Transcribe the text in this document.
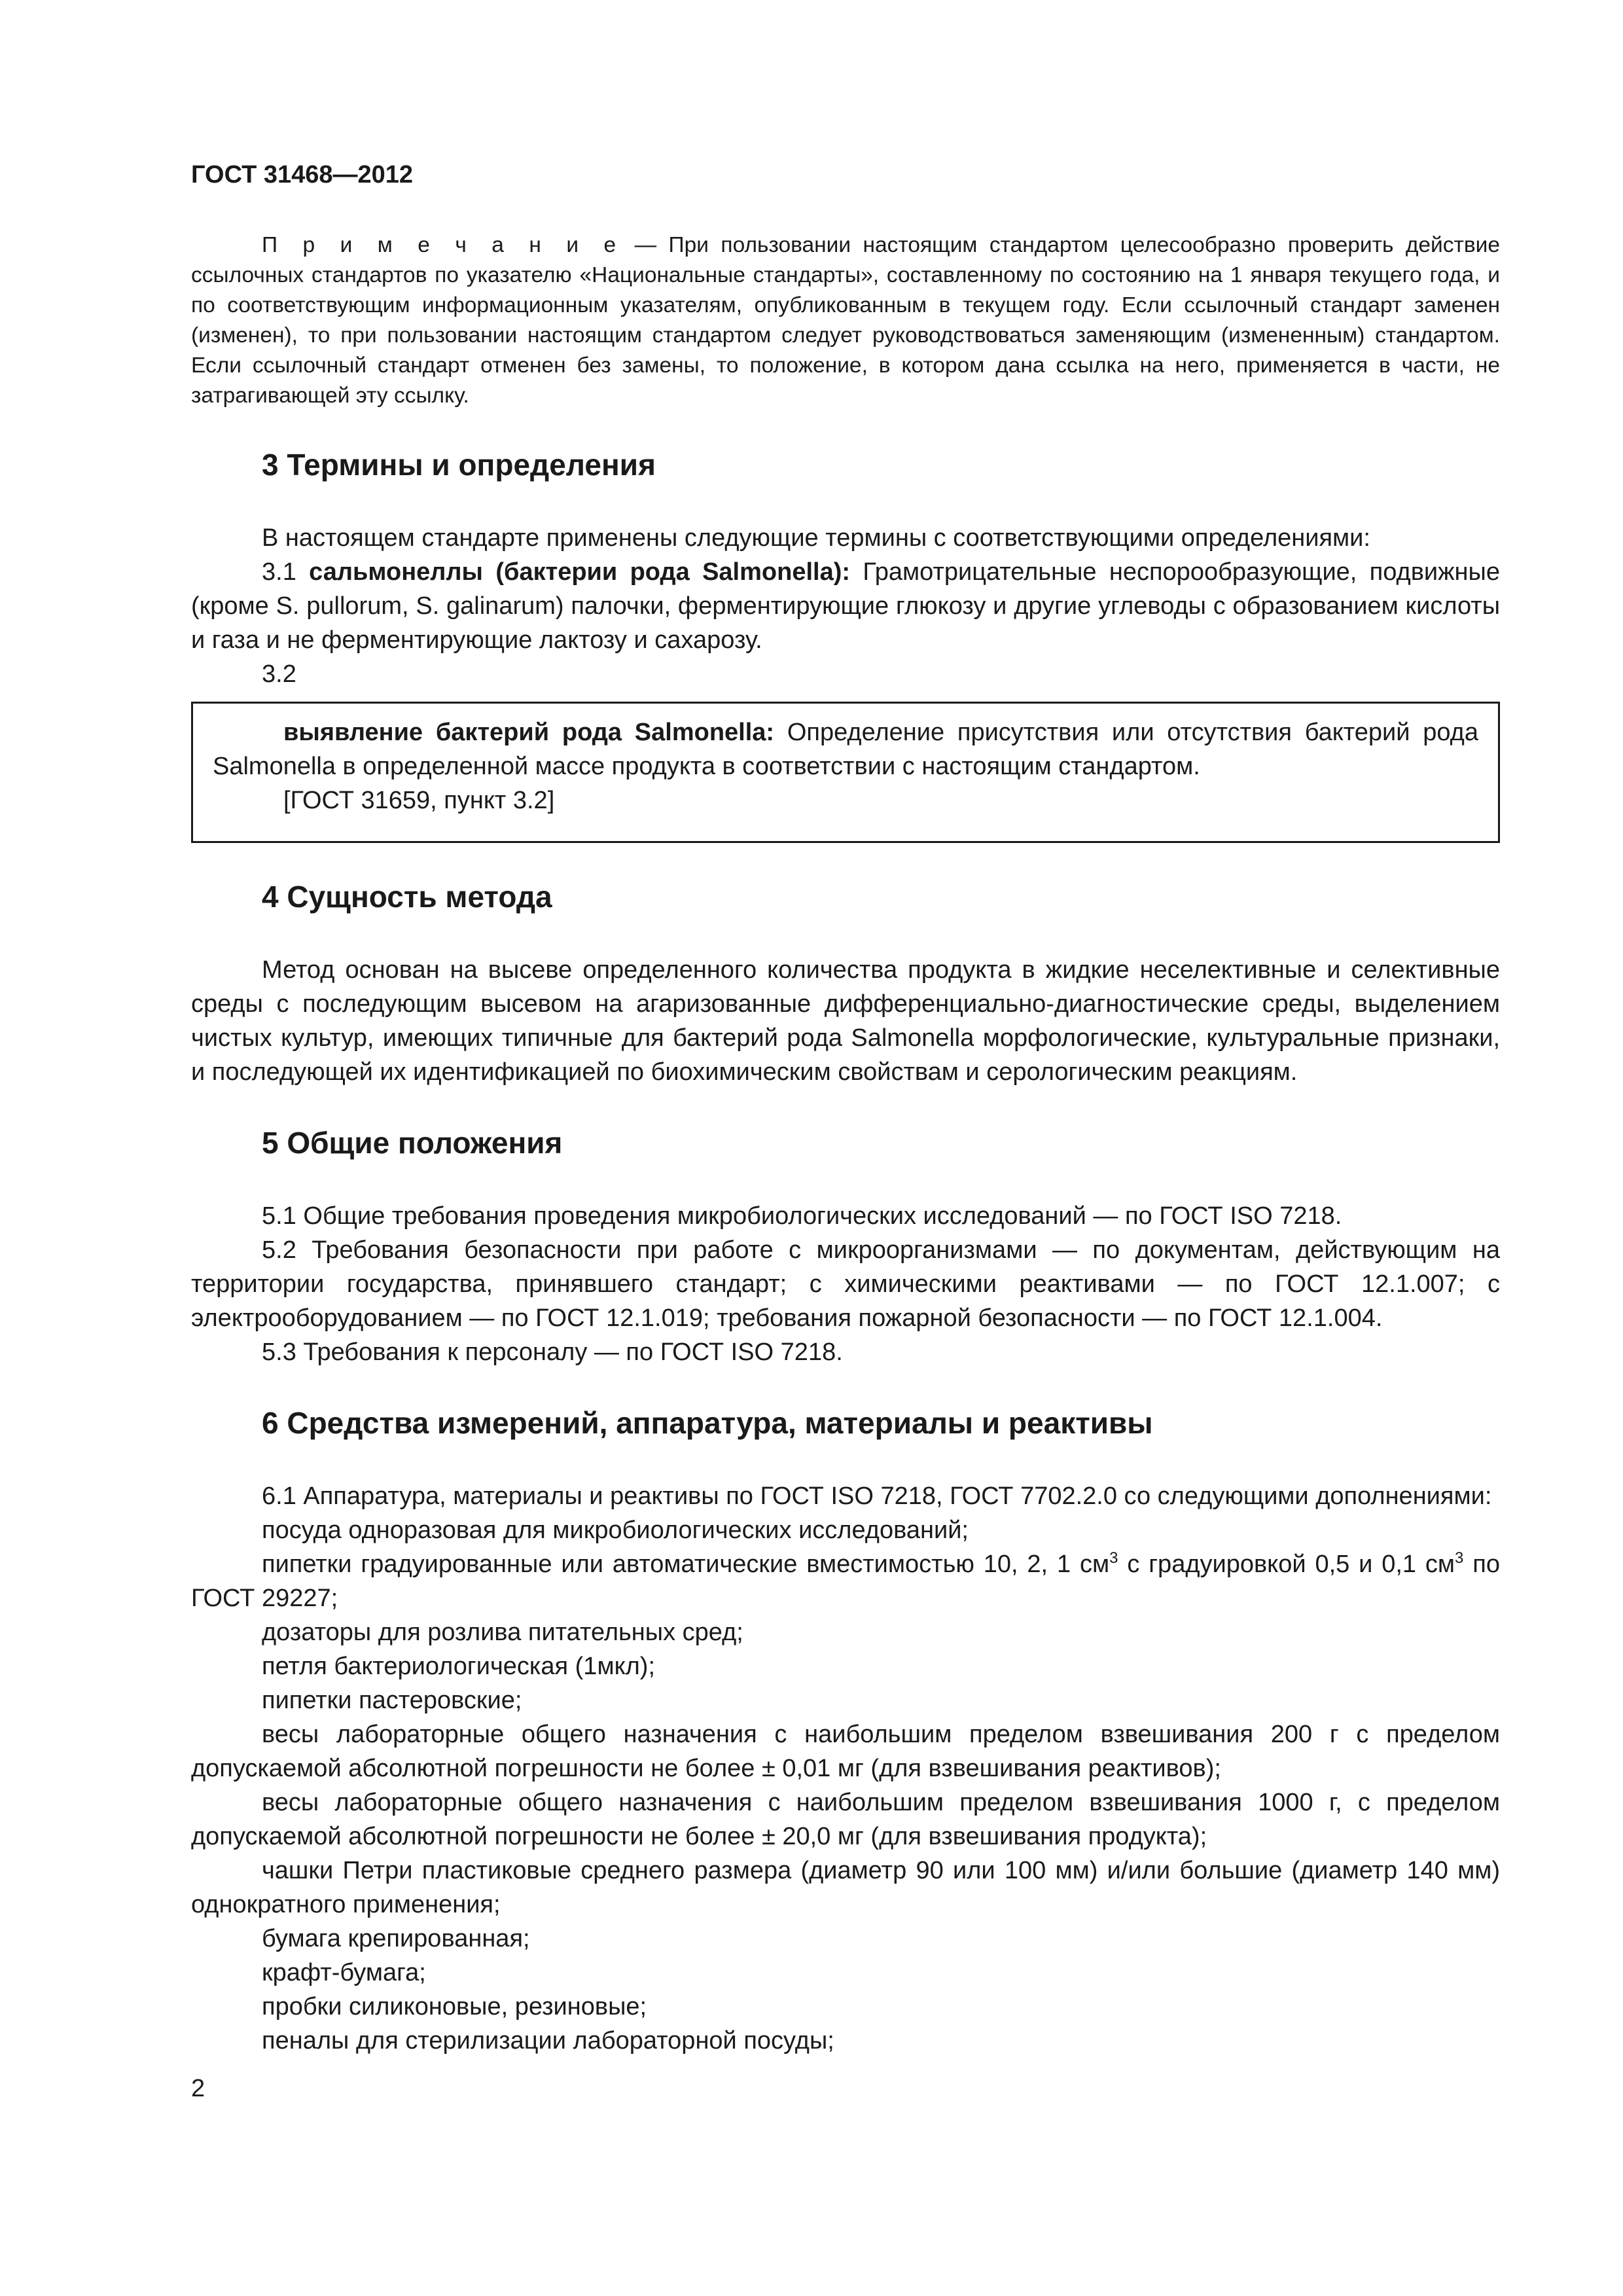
ГОСТ 31468—2012

П р и м е ч а н и е — При пользовании настоящим стандартом целесообразно проверить действие ссылочных стандартов по указателю «Национальные стандарты», составленному по состоянию на 1 января текущего года, и по соответствующим информационным указателям, опубликованным в текущем году. Если ссылочный стандарт заменен (изменен), то при пользовании настоящим стандартом следует руководствоваться заменяющим (измененным) стандартом. Если ссылочный стандарт отменен без замены, то положение, в котором дана ссылка на него, применяется в части, не затрагивающей эту ссылку.

3 Термины и определения

В настоящем стандарте применены следующие термины с соответствующими определениями:

3.1 сальмонеллы (бактерии рода Salmonella): Грамотрицательные неспорообразующие, подвижные (кроме S. pullorum, S. galinarum) палочки, ферментирующие глюкозу и другие углеводы с образованием кислоты и газа и не ферментирующие лактозу и сахарозу.

3.2

выявление бактерий рода Salmonella: Определение присутствия или отсутствия бактерий рода Salmonella в определенной массе продукта в соответствии с настоящим стандартом.

[ГОСТ 31659, пункт 3.2]

4 Сущность метода

Метод основан на высеве определенного количества продукта в жидкие неселективные и селективные среды с последующим высевом на агаризованные дифференциально-диагностические среды, выделением чистых культур, имеющих типичные для бактерий рода Salmonella морфологические, культуральные признаки, и последующей их идентификацией по биохимическим свойствам и серологическим реакциям.

5 Общие положения

5.1 Общие требования проведения микробиологических исследований — по ГОСТ ISO 7218.

5.2 Требования безопасности при работе с микроорганизмами — по документам, действующим на территории государства, принявшего стандарт; с химическими реактивами — по ГОСТ 12.1.007; с электрооборудованием — по ГОСТ 12.1.019; требования пожарной безопасности — по ГОСТ 12.1.004.

5.3 Требования к персоналу — по ГОСТ ISO 7218.

6 Средства измерений, аппаратура, материалы и реактивы

6.1 Аппаратура, материалы и реактивы по ГОСТ ISO 7218, ГОСТ 7702.2.0 со следующими дополнениями:

посуда одноразовая для микробиологических исследований;

пипетки градуированные или автоматические вместимостью 10, 2, 1 $см^3$ с градуировкой 0,5 и 0,1 $см^3$ по ГОСТ 29227;

дозаторы для розлива питательных сред;

петля бактериологическая (1мкл);

пипетки пастеровские;

весы лабораторные общего назначения с наибольшим пределом взвешивания 200 г с пределом допускаемой абсолютной погрешности не более ± 0,01 мг (для взвешивания реактивов);

весы лабораторные общего назначения с наибольшим пределом взвешивания 1000 г, с пределом допускаемой абсолютной погрешности не более ± 20,0 мг (для взвешивания продукта);

чашки Петри пластиковые среднего размера (диаметр 90 или 100 мм) и/или большие (диаметр 140 мм) однократного применения;

бумага крепированная;

крафт-бумага;

пробки силиконовые, резиновые;

пеналы для стерилизации лабораторной посуды;

2
